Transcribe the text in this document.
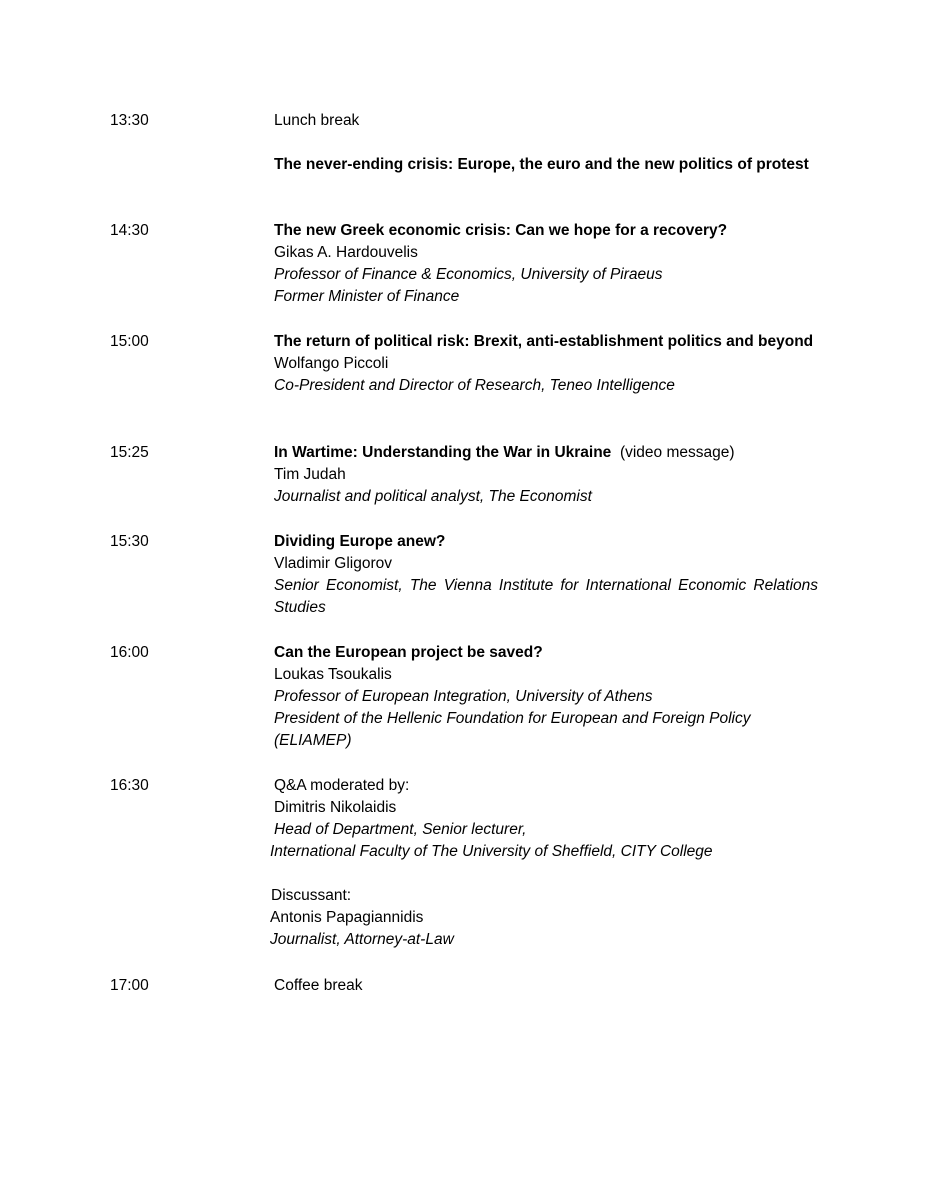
13:30	Lunch break
The never-ending crisis: Europe, the euro and the new politics of protest
14:30	The new Greek economic crisis: Can we hope for a recovery?
Gikas A. Hardouvelis
Professor of Finance & Economics, University of Piraeus
Former Minister of Finance
15:00	The return of political risk: Brexit, anti-establishment politics and beyond
Wolfango Piccoli
Co-President and Director of Research, Teneo Intelligence
15:25	In Wartime: Understanding the War in Ukraine (video message)
Tim Judah
Journalist and political analyst, The Economist
15:30	Dividing Europe anew?
Vladimir Gligorov
Senior Economist, The Vienna Institute for International Economic Relations Studies
16:00	Can the European project be saved?
Loukas Tsoukalis
Professor of European Integration, University of Athens
President of the Hellenic Foundation for European and Foreign Policy (ELIAMEP)
16:30	Q&A moderated by:
Dimitris Nikolaidis
Head of Department, Senior lecturer,
International Faculty of The University of Sheffield, CITY College
Discussant:
Antonis Papagiannidis
Journalist, Attorney-at-Law
17:00	Coffee break
